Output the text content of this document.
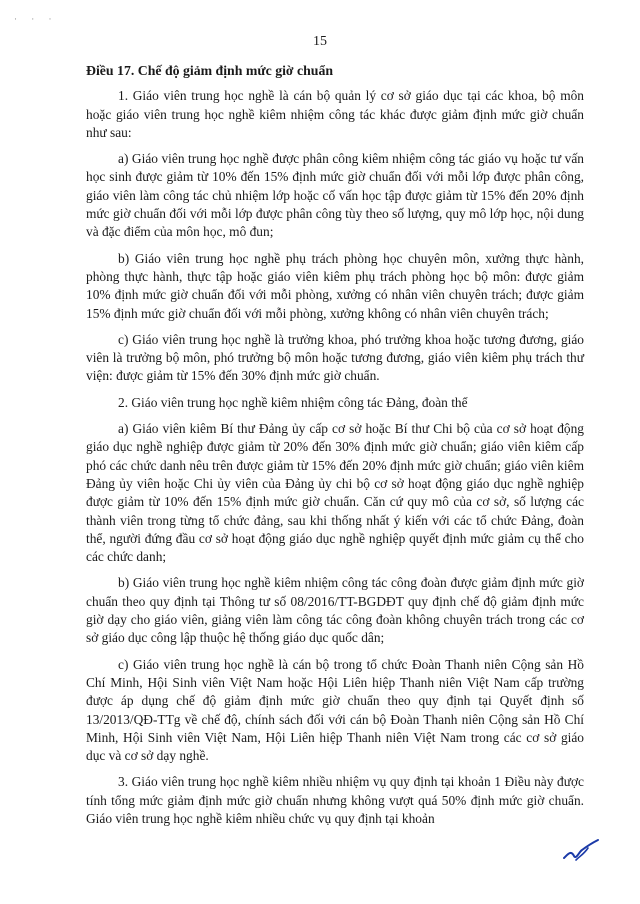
· · ·
15

Điều 17. Chế độ giảm định mức giờ chuẩn

1. Giáo viên trung học nghề là cán bộ quản lý cơ sở giáo dục tại các khoa, bộ môn hoặc giáo viên trung học nghề kiêm nhiệm công tác khác được giảm định mức giờ chuẩn như sau:

a) Giáo viên trung học nghề được phân công kiêm nhiệm công tác giáo vụ hoặc tư vấn học sinh được giảm từ 10% đến 15% định mức giờ chuẩn đối với mỗi lớp được phân công, giáo viên làm công tác chủ nhiệm lớp hoặc cố vấn học tập được giảm từ 15% đến 20% định mức giờ chuẩn đối với mỗi lớp được phân công tùy theo số lượng, quy mô lớp học, nội dung và đặc điểm của môn học, mô đun;

b) Giáo viên trung học nghề phụ trách phòng học chuyên môn, xưởng thực hành, phòng thực hành, thực tập hoặc giáo viên kiêm phụ trách phòng học bộ môn: được giảm 10% định mức giờ chuẩn đối với mỗi phòng, xưởng có nhân viên chuyên trách; được giảm 15% định mức giờ chuẩn đối với mỗi phòng, xưởng không có nhân viên chuyên trách;

c) Giáo viên trung học nghề là trưởng khoa, phó trưởng khoa hoặc tương đương, giáo viên là trưởng bộ môn, phó trưởng bộ môn hoặc tương đương, giáo viên kiêm phụ trách thư viện: được giảm từ 15% đến 30% định mức giờ chuẩn.

2. Giáo viên trung học nghề kiêm nhiệm công tác Đảng, đoàn thể

a) Giáo viên kiêm Bí thư Đảng ủy cấp cơ sở hoặc Bí thư Chi bộ của cơ sở hoạt động giáo dục nghề nghiệp được giảm từ 20% đến 30% định mức giờ chuẩn; giáo viên kiêm cấp phó các chức danh nêu trên được giảm từ 15% đến 20% định mức giờ chuẩn; giáo viên kiêm Đảng ủy viên hoặc Chi ủy viên của Đảng ủy chi bộ cơ sở hoạt động giáo dục nghề nghiệp được giảm từ 10% đến 15% định mức giờ chuẩn. Căn cứ quy mô của cơ sở, số lượng các thành viên trong từng tổ chức đảng, sau khi thống nhất ý kiến với các tổ chức Đảng, đoàn thể, người đứng đầu cơ sở hoạt động giáo dục nghề nghiệp quyết định mức giảm cụ thể cho các chức danh;

b) Giáo viên trung học nghề kiêm nhiệm công tác công đoàn được giảm định mức giờ chuẩn theo quy định tại Thông tư số 08/2016/TT-BGDĐT quy định chế độ giảm định mức giờ dạy cho giáo viên, giảng viên làm công tác công đoàn không chuyên trách trong các cơ sở giáo dục công lập thuộc hệ thống giáo dục quốc dân;

c) Giáo viên trung học nghề là cán bộ trong tổ chức Đoàn Thanh niên Cộng sản Hồ Chí Minh, Hội Sinh viên Việt Nam hoặc Hội Liên hiệp Thanh niên Việt Nam cấp trường được áp dụng chế độ giảm định mức giờ chuẩn theo quy định tại Quyết định số 13/2013/QĐ-TTg về chế độ, chính sách đối với cán bộ Đoàn Thanh niên Cộng sản Hồ Chí Minh, Hội Sinh viên Việt Nam, Hội Liên hiệp Thanh niên Việt Nam trong các cơ sở giáo dục và cơ sở dạy nghề.

3. Giáo viên trung học nghề kiêm nhiều nhiệm vụ quy định tại khoản 1 Điều này được tính tổng mức giảm định mức giờ chuẩn nhưng không vượt quá 50% định mức giờ chuẩn. Giáo viên trung học nghề kiêm nhiều chức vụ quy định tại khoản
